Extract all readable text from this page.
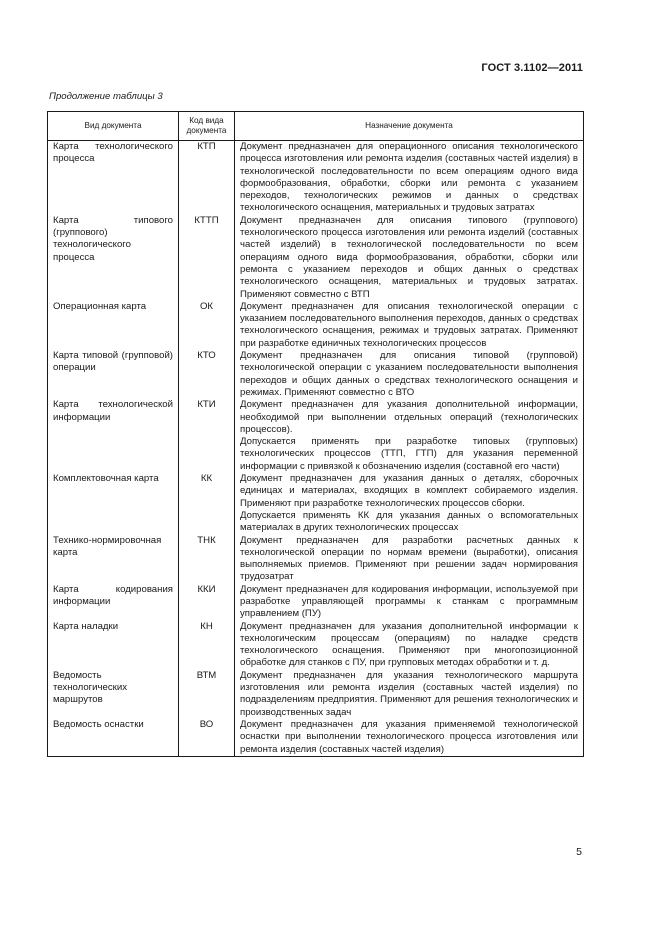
ГОСТ 3.1102—2011
Продолжение таблицы 3
Вид документа	Код вида документа	Назначение документа
Карта технологического процесса	КТП	Документ предназначен для операционного описания технологического процесса изготовления или ремонта изделия (составных частей изделия) в технологической последовательности по всем операциям одного вида формообразования, обработки, сборки или ремонта с указанием переходов, технологических режимов и данных о средствах технологического оснащения, материальных и трудовых затратах

Карта типового (группового) технологического процесса	КТТП	Документ предназначен для описания типового (группового) технологического процесса изготовления или ремонта изделий (составных частей изделий) в технологической последовательности по всем операциям одного вида формообразования, обработки, сборки или ремонта с указанием переходов и общих данных о средствах технологического оснащения, материальных и трудовых затратах. Применяют совместно с ВТП

Операционная карта	ОК	Документ предназначен для описания технологической операции с указанием последовательного выполнения переходов, данных о средствах технологического оснащения, режимах и трудовых затратах. Применяют при разработке единичных технологических процессов

Карта типовой (групповой) операции	КТО	Документ предназначен для описания типовой (групповой) технологической операции с указанием последовательности выполнения переходов и общих данных о средствах технологического оснащения и режимах. Применяют совместно с ВТО

Карта технологической информации	КТИ	Документ предназначен для указания дополнительной информации, необходимой при выполнении отдельных операций (технологических процессов).

Допускается применять при разработке типовых (групповых) технологических процессов (ТТП, ГТП) для указания переменной информации с привязкой к обозначению изделия (составной его части)

Комплектовочная карта	КК	Документ предназначен для указания данных о деталях, сборочных единицах и материалах, входящих в комплект собираемого изделия. Применяют при разработке технологических процессов сборки.

Допускается применять КК для указания данных о вспомогательных материалах в других технологических процессах

Технико-нормировочная карта	ТНК	Документ предназначен для разработки расчетных данных к технологической операции по нормам времени (выработки), описания выполняемых приемов. Применяют при решении задач нормирования трудозатрат

Карта кодирования информации	ККИ	Документ предназначен для кодирования информации, используемой при разработке управляющей программы к станкам с программным управлением (ПУ)

Карта наладки	КН	Документ предназначен для указания дополнительной информации к технологическим процессам (операциям) по наладке средств технологического оснащения. Применяют при многопозиционной обработке для станков с ПУ, при групповых методах обработки и т. д.

Ведомость технологических маршрутов	ВТМ	Документ предназначен для указания технологического маршрута изготовления или ремонта изделия (составных частей изделия) по подразделениям предприятия. Применяют для решения технологических и производственных задач

Ведомость оснастки	ВО	Документ предназначен для указания применяемой технологической оснастки при выполнении технологического процесса изготовления или ремонта изделия (составных частей изделия)

5
